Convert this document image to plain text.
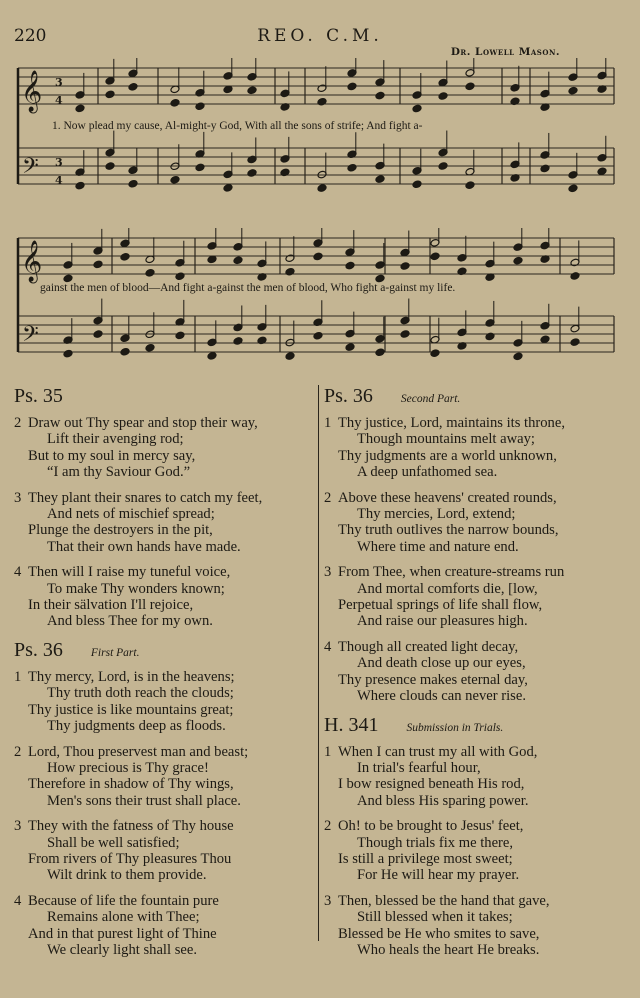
220	REO. C.M.
Dr. Lowell Mason.
𝄞
𝄢
3
4
3
4
1. Now plead my cause, Al-might-y God, With all the sons of strife; And fight a-
𝄞
𝄢
gainst the men of blood—And fight a-gainst the men of blood, Who fight a-gainst my life.
Ps. 35
2 Draw out Thy spear and stop their way,
Lift their avenging rod;
But to my soul in mercy say,
“I am thy Saviour God.”
3 They plant their snares to catch my feet,
And nets of mischief spread;
Plunge the destroyers in the pit,
That their own hands have made.
4 Then will I raise my tuneful voice,
To make Thy wonders known;
In their sälvation I'll rejoice,
And bless Thee for my own.
Ps. 36 First Part.
1 Thy mercy, Lord, is in the heavens;
Thy truth doth reach the clouds;
Thy justice is like mountains great;
Thy judgments deep as floods.
2 Lord, Thou preservest man and beast;
How precious is Thy grace!
Therefore in shadow of Thy wings,
Men's sons their trust shall place.
3 They with the fatness of Thy house
Shall be well satisfied;
From rivers of Thy pleasures Thou
Wilt drink to them provide.
4 Because of life the fountain pure
Remains alone with Thee;
And in that purest light of Thine
We clearly light shall see.
Ps. 36 Second Part.
1 Thy justice, Lord, maintains its throne,
Though mountains melt away;
Thy judgments are a world unknown,
A deep unfathomed sea.
2 Above these heavens' created rounds,
Thy mercies, Lord, extend;
Thy truth outlives the narrow bounds,
Where time and nature end.
3 From Thee, when creature-streams run
And mortal comforts die, [low,
Perpetual springs of life shall flow,
And raise our pleasures high.
4 Though all created light decay,
And death close up our eyes,
Thy presence makes eternal day,
Where clouds can never rise.
H. 341 Submission in Trials.
1 When I can trust my all with God,
In trial's fearful hour,
I bow resigned beneath His rod,
And bless His sparing power.
2 Oh! to be brought to Jesus' feet,
Though trials fix me there,
Is still a privilege most sweet;
For He will hear my prayer.
3 Then, blessed be the hand that gave,
Still blessed when it takes;
Blessed be He who smites to save,
Who heals the heart He breaks.
